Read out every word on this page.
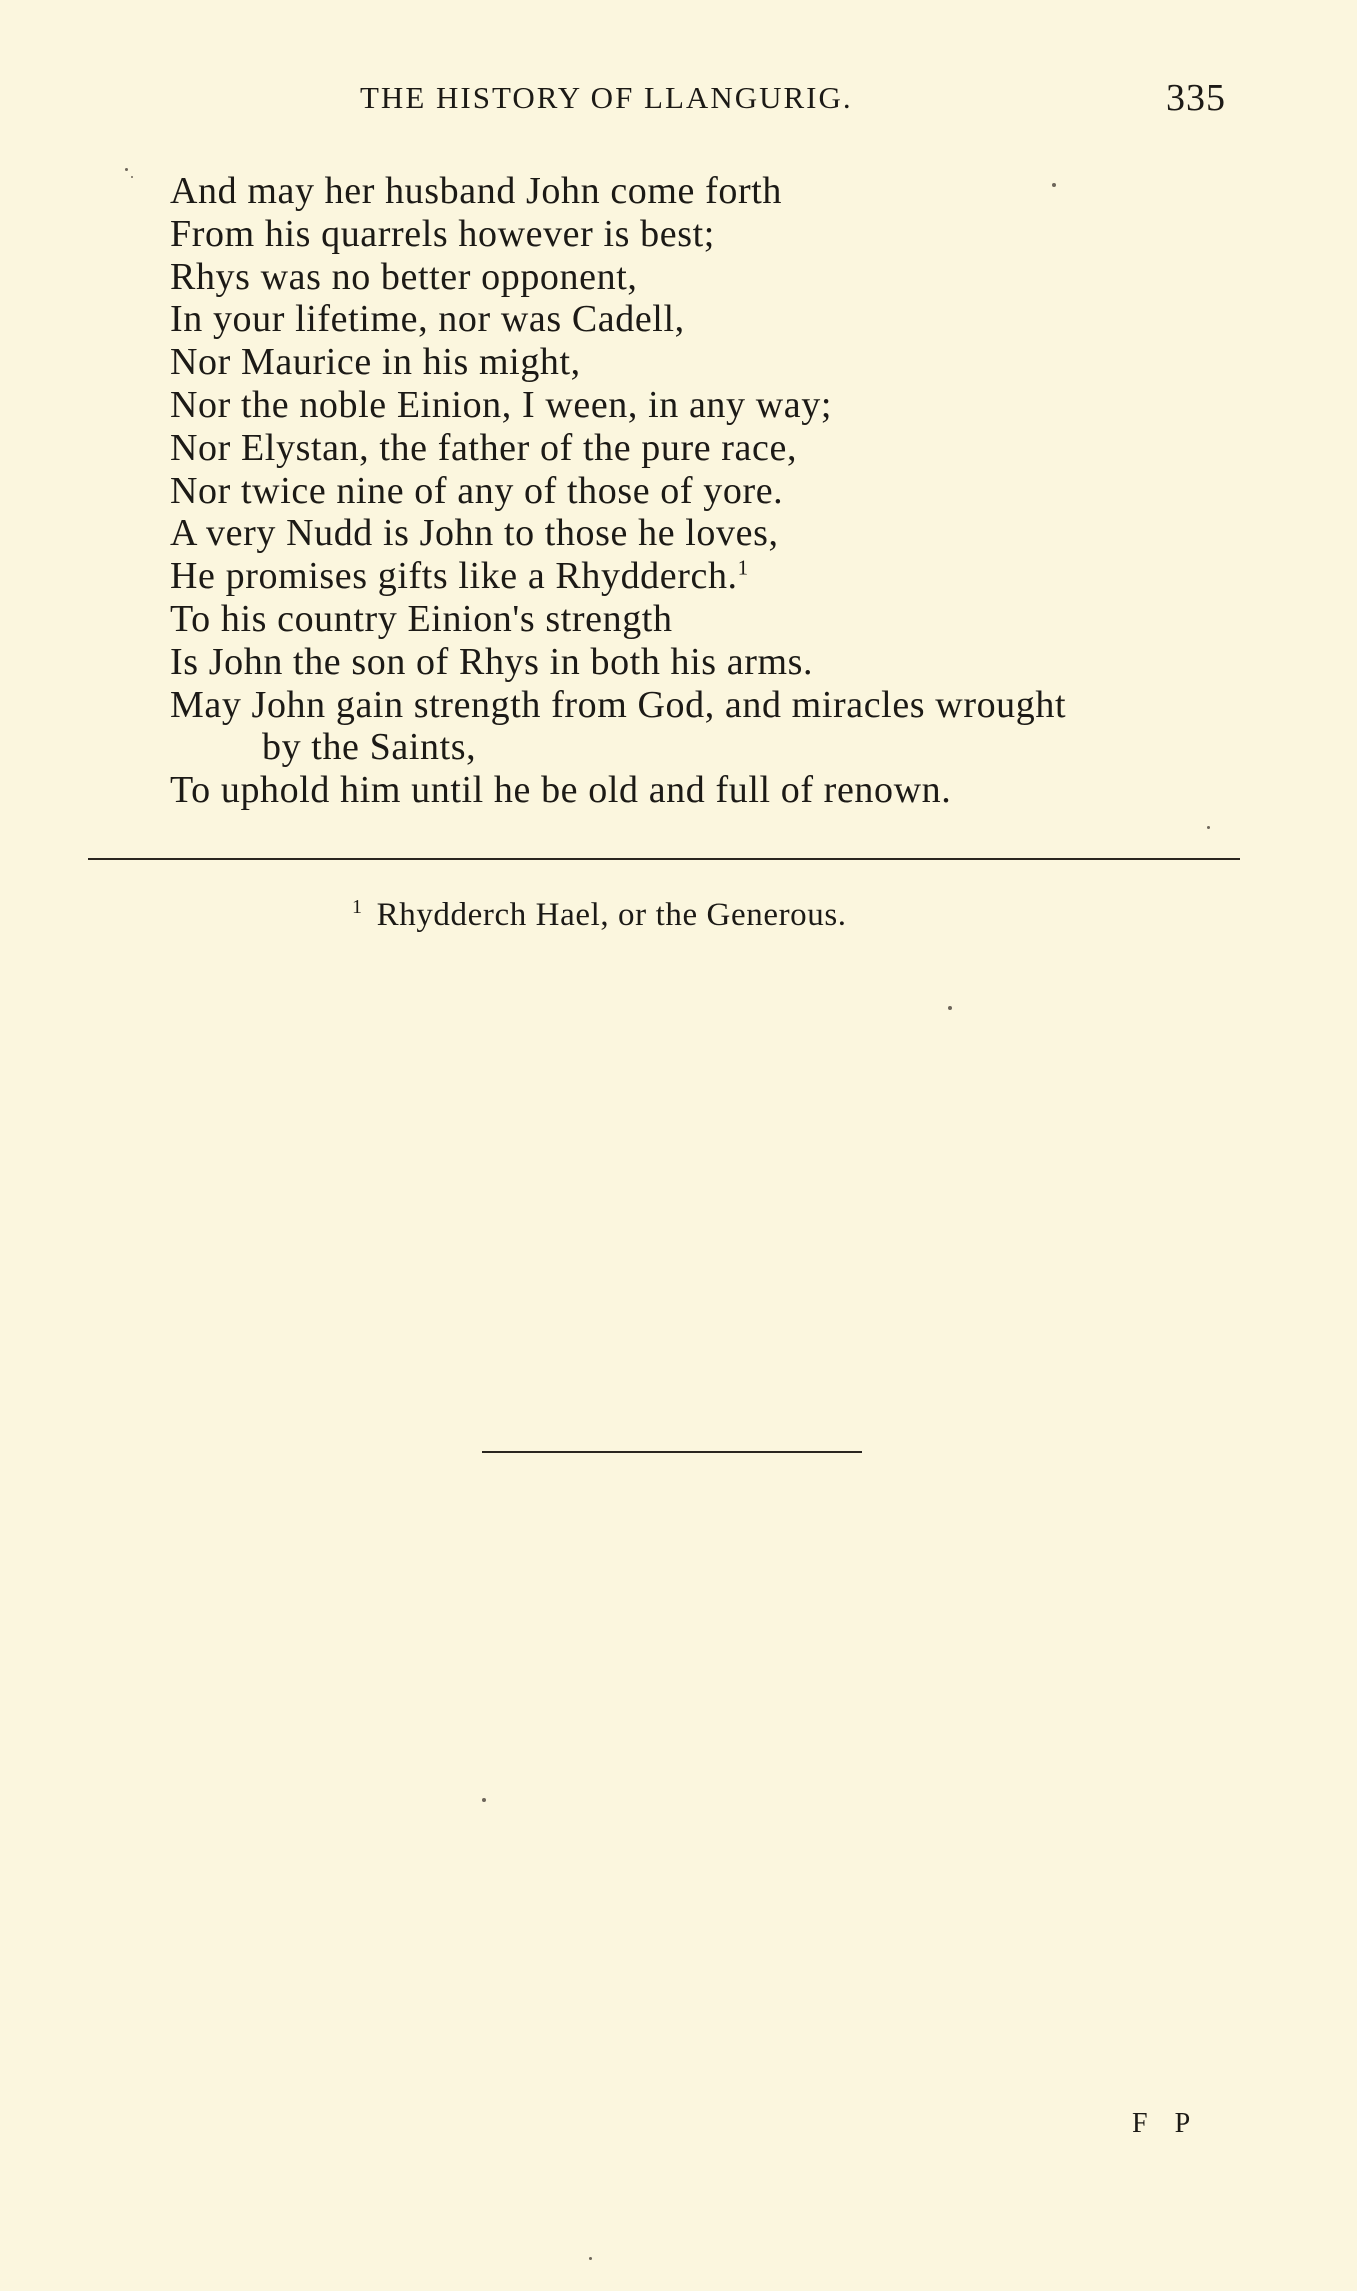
THE HISTORY OF LLANGURIG.	335

And may her husband John come forth

From his quarrels however is best;

Rhys was no better opponent,

In your lifetime, nor was Cadell,

Nor Maurice in his might,

Nor the noble Einion, I ween, in any way;

Nor Elystan, the father of the pure race,

Nor twice nine of any of those of yore.

A very Nudd is John to those he loves,

He promises gifts like a Rhydderch.$^1$

To his country Einion's strength

Is John the son of Rhys in both his arms.

May John gain strength from God, and miracles wrought

by the Saints,

To uphold him until he be old and full of renown.

$^1$ Rhydderch Hael, or the Generous.
F P
